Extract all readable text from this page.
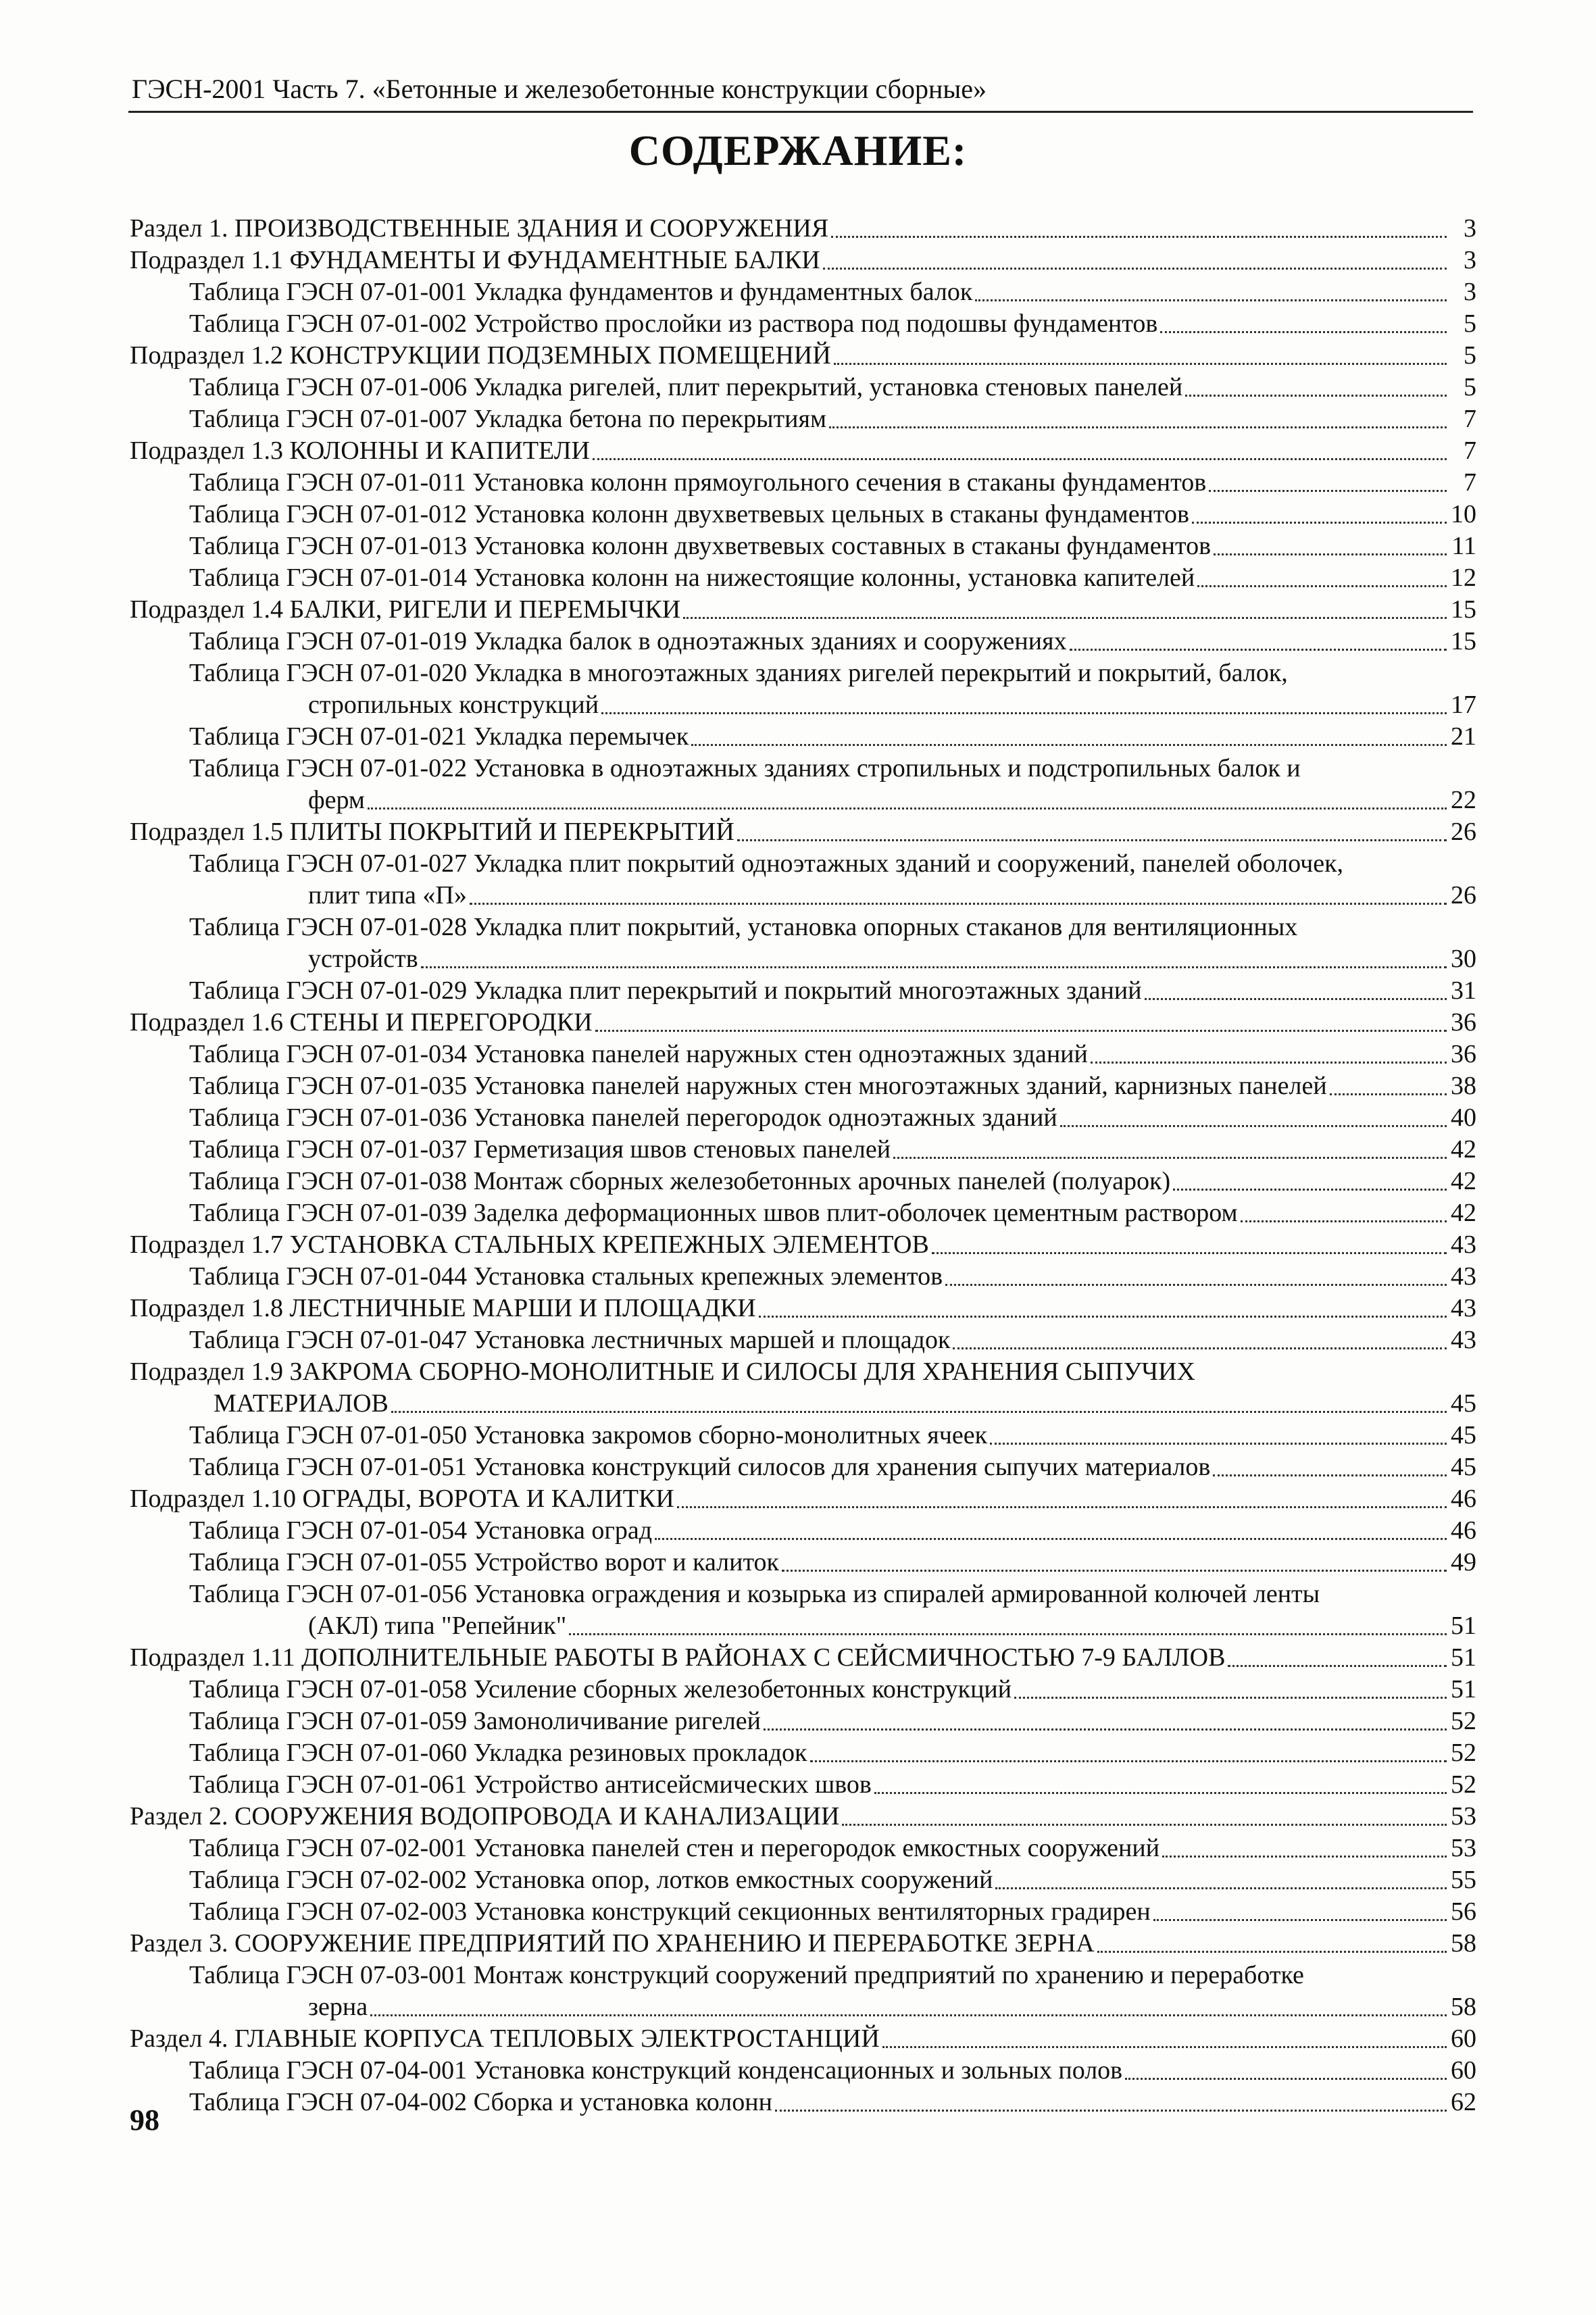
ГЭСН-2001 Часть 7. «Бетонные и железобетонные конструкции сборные»
СОДЕРЖАНИЕ:
Раздел 1. ПРОИЗВОДСТВЕННЫЕ ЗДАНИЯ И СООРУЖЕНИЯ	3
Подраздел 1.1 ФУНДАМЕНТЫ И ФУНДАМЕНТНЫЕ БАЛКИ	3
Таблица ГЭСН 07-01-001 Укладка фундаментов и фундаментных балок	3
Таблица ГЭСН 07-01-002 Устройство прослойки из раствора под подошвы фундаментов	5
Подраздел 1.2 КОНСТРУКЦИИ ПОДЗЕМНЫХ ПОМЕЩЕНИЙ	5
Таблица ГЭСН 07-01-006 Укладка ригелей, плит перекрытий, установка стеновых панелей	5
Таблица ГЭСН 07-01-007 Укладка бетона по перекрытиям	7
Подраздел 1.3 КОЛОННЫ И КАПИТЕЛИ	7
Таблица ГЭСН 07-01-011 Установка колонн прямоугольного сечения в стаканы фундаментов	7
Таблица ГЭСН 07-01-012 Установка колонн двухветвевых цельных в стаканы фундаментов	10
Таблица ГЭСН 07-01-013 Установка колонн двухветвевых составных в стаканы фундаментов	11
Таблица ГЭСН 07-01-014 Установка колонн на нижестоящие колонны, установка капителей	12
Подраздел 1.4 БАЛКИ, РИГЕЛИ И ПЕРЕМЫЧКИ	15
Таблица ГЭСН 07-01-019 Укладка балок в одноэтажных зданиях и сооружениях	15
Таблица ГЭСН 07-01-020 Укладка в многоэтажных зданиях ригелей перекрытий и покрытий, балок,
стропильных конструкций	17
Таблица ГЭСН 07-01-021 Укладка перемычек	21
Таблица ГЭСН 07-01-022 Установка в одноэтажных зданиях стропильных и подстропильных балок и
ферм	22
Подраздел 1.5 ПЛИТЫ ПОКРЫТИЙ И ПЕРЕКРЫТИЙ	26
Таблица ГЭСН 07-01-027 Укладка плит покрытий одноэтажных зданий и сооружений, панелей оболочек,
плит типа «П»	26
Таблица ГЭСН 07-01-028 Укладка плит покрытий, установка опорных стаканов для вентиляционных
устройств	30
Таблица ГЭСН 07-01-029 Укладка плит перекрытий и покрытий многоэтажных зданий	31
Подраздел 1.6 СТЕНЫ И ПЕРЕГОРОДКИ	36
Таблица ГЭСН 07-01-034 Установка панелей наружных стен одноэтажных зданий	36
Таблица ГЭСН 07-01-035 Установка панелей наружных стен многоэтажных зданий, карнизных панелей	38
Таблица ГЭСН 07-01-036 Установка панелей перегородок одноэтажных зданий	40
Таблица ГЭСН 07-01-037 Герметизация швов стеновых панелей	42
Таблица ГЭСН 07-01-038 Монтаж сборных железобетонных арочных панелей (полуарок)	42
Таблица ГЭСН 07-01-039 Заделка деформационных швов плит-оболочек цементным раствором	42
Подраздел 1.7 УСТАНОВКА СТАЛЬНЫХ КРЕПЕЖНЫХ ЭЛЕМЕНТОВ	43
Таблица ГЭСН 07-01-044 Установка стальных крепежных элементов	43
Подраздел 1.8 ЛЕСТНИЧНЫЕ МАРШИ И ПЛОЩАДКИ	43
Таблица ГЭСН 07-01-047 Установка лестничных маршей и площадок	43
Подраздел 1.9 ЗАКРОМА СБОРНО-МОНОЛИТНЫЕ И СИЛОСЫ ДЛЯ ХРАНЕНИЯ СЫПУЧИХ
МАТЕРИАЛОВ	45
Таблица ГЭСН 07-01-050 Установка закромов сборно-монолитных ячеек	45
Таблица ГЭСН 07-01-051 Установка конструкций силосов для хранения сыпучих материалов	45
Подраздел 1.10 ОГРАДЫ, ВОРОТА И КАЛИТКИ	46
Таблица ГЭСН 07-01-054 Установка оград	46
Таблица ГЭСН 07-01-055 Устройство ворот и калиток	49
Таблица ГЭСН 07-01-056 Установка ограждения и козырька из спиралей армированной колючей ленты
(АКЛ) типа "Репейник"	51
Подраздел 1.11 ДОПОЛНИТЕЛЬНЫЕ РАБОТЫ В РАЙОНАХ С СЕЙСМИЧНОСТЬЮ 7-9 БАЛЛОВ	51
Таблица ГЭСН 07-01-058 Усиление сборных железобетонных конструкций	51
Таблица ГЭСН 07-01-059 Замоноличивание ригелей	52
Таблица ГЭСН 07-01-060 Укладка резиновых прокладок	52
Таблица ГЭСН 07-01-061 Устройство антисейсмических швов	52
Раздел 2. СООРУЖЕНИЯ ВОДОПРОВОДА И КАНАЛИЗАЦИИ	53
Таблица ГЭСН 07-02-001 Установка панелей стен и перегородок емкостных сооружений	53
Таблица ГЭСН 07-02-002 Установка опор, лотков емкостных сооружений	55
Таблица ГЭСН 07-02-003 Установка конструкций секционных вентиляторных градирен	56
Раздел 3. СООРУЖЕНИЕ ПРЕДПРИЯТИЙ ПО ХРАНЕНИЮ И ПЕРЕРАБОТКЕ ЗЕРНА	58
Таблица ГЭСН 07-03-001 Монтаж конструкций сооружений предприятий по хранению и переработке
зерна	58
Раздел 4. ГЛАВНЫЕ КОРПУСА ТЕПЛОВЫХ ЭЛЕКТРОСТАНЦИЙ	60
Таблица ГЭСН 07-04-001 Установка конструкций конденсационных и зольных полов	60
Таблица ГЭСН 07-04-002 Сборка и установка колонн	62
98
